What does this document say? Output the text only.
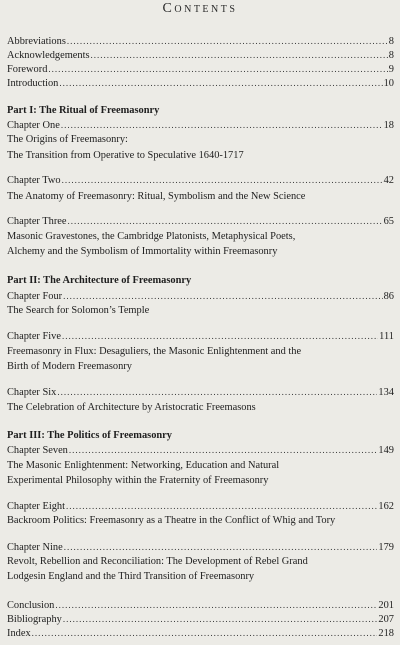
Contents
Abbreviations .....	8
Acknowledgements .....	8
Foreword .....	9
Introduction .....	10
Part I: The Ritual of Freemasonry
Chapter One .....	18
The Origins of Freemasonry:
The Transition from Operative to Speculative 1640-1717
Chapter Two .....	42
The Anatomy of Freemasonry: Ritual, Symbolism and the New Science
Chapter Three .....	65
Masonic Gravestones, the Cambridge Platonists, Metaphysical Poets,
Alchemy and the Symbolism of Immortality within Freemasonry
Part II: The Architecture of Freemasonry
Chapter Four .....	86
The Search for Solomon’s Temple
Chapter Five .....	111
Freemasonry in Flux: Desaguliers, the Masonic Enlightenment and the
Birth of Modern Freemasonry
Chapter Six .....	134
The Celebration of Architecture by Aristocratic Freemasons
Part III: The Politics of Freemasonry
Chapter Seven .....	149
The Masonic Enlightenment: Networking, Education and Natural
Experimental Philosophy within the Fraternity of Freemasonry
Chapter Eight .....	162
Backroom Politics: Freemasonry as a Theatre in the Conflict of Whig and Tory
Chapter Nine .....	179
Revolt, Rebellion and Reconciliation: The Development of Rebel Grand
Lodgesin England and the Third Transition of Freemasonry
Conclusion .....	201
Bibliography .....	207
Index .....	218
